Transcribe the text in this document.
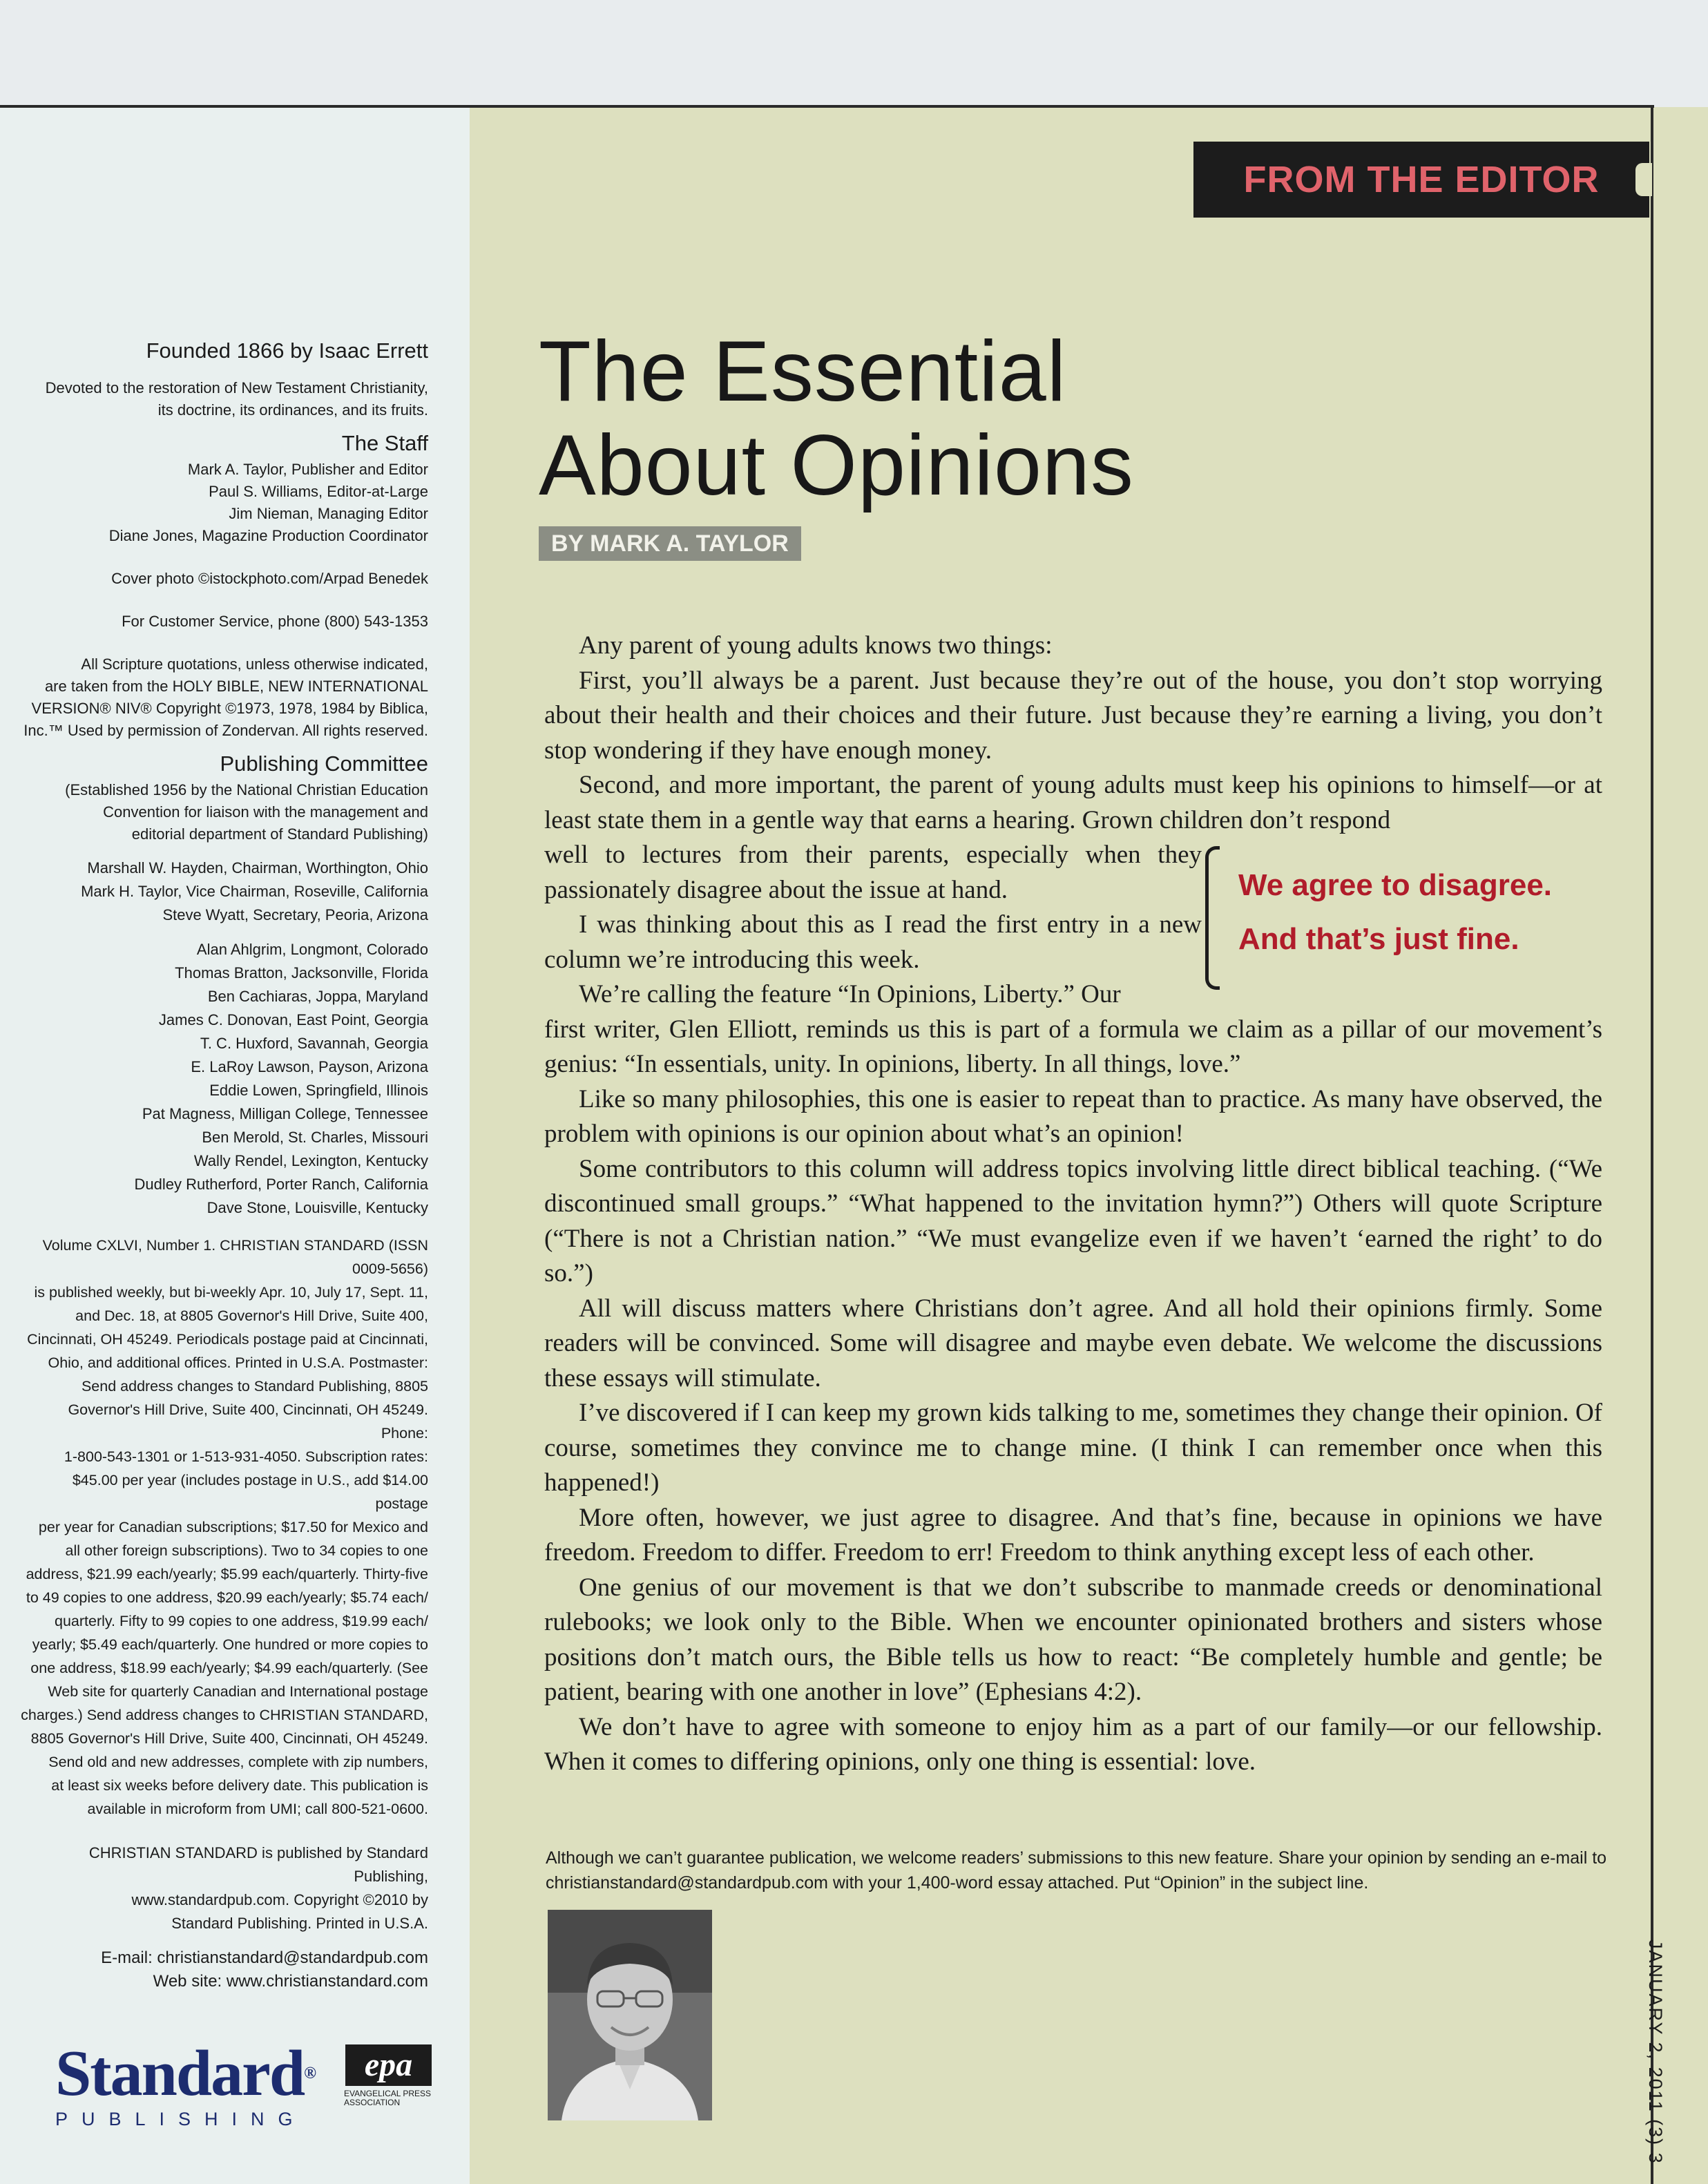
FROM THE EDITOR
Founded 1866 by Isaac Errett

Devoted to the restoration of New Testament Christianity,

its doctrine, its ordinances, and its fruits.

The Staff

Mark A. Taylor, Publisher and Editor

Paul S. Williams, Editor-at-Large

Jim Nieman, Managing Editor

Diane Jones, Magazine Production Coordinator

Cover photo ©istockphoto.com/Arpad Benedek

For Customer Service, phone (800) 543-1353

All Scripture quotations, unless otherwise indicated,

are taken from the HOLY BIBLE, NEW INTERNATIONAL

VERSION® NIV® Copyright ©1973, 1978, 1984 by Biblica,

Inc.™ Used by permission of Zondervan. All rights reserved.

Publishing Committee

(Established 1956 by the National Christian Education

Convention for liaison with the management and

editorial department of Standard Publishing)

Marshall W. Hayden, Chairman, Worthington, Ohio
Mark H. Taylor, Vice Chairman, Roseville, California
Steve Wyatt, Secretary, Peoria, Arizona
Alan Ahlgrim, Longmont, Colorado
Thomas Bratton, Jacksonville, Florida
Ben Cachiaras, Joppa, Maryland
James C. Donovan, East Point, Georgia
T. C. Huxford, Savannah, Georgia
E. LaRoy Lawson, Payson, Arizona
Eddie Lowen, Springfield, Illinois
Pat Magness, Milligan College, Tennessee
Ben Merold, St. Charles, Missouri
Wally Rendel, Lexington, Kentucky
Dudley Rutherford, Porter Ranch, California
Dave Stone, Louisville, Kentucky
Volume CXLVI, Number 1. CHRISTIAN STANDARD (ISSN 0009-5656)
is published weekly, but bi-weekly Apr. 10, July 17, Sept. 11,
and Dec. 18, at 8805 Governor's Hill Drive, Suite 400,
Cincinnati, OH 45249. Periodicals postage paid at Cincinnati,
Ohio, and additional offices. Printed in U.S.A. Postmaster:
Send address changes to Standard Publishing, 8805
Governor's Hill Drive, Suite 400, Cincinnati, OH 45249. Phone:
1-800-543-1301 or 1-513-931-4050. Subscription rates:
$45.00 per year (includes postage in U.S., add $14.00 postage
per year for Canadian subscriptions; $17.50 for Mexico and
all other foreign subscriptions). Two to 34 copies to one
address, $21.99 each/yearly; $5.99 each/quarterly. Thirty-five
to 49 copies to one address, $20.99 each/yearly; $5.74 each/
quarterly. Fifty to 99 copies to one address, $19.99 each/
yearly; $5.49 each/quarterly. One hundred or more copies to
one address, $18.99 each/yearly; $4.99 each/quarterly. (See
Web site for quarterly Canadian and International postage
charges.) Send address changes to CHRISTIAN STANDARD,
8805 Governor's Hill Drive, Suite 400, Cincinnati, OH 45249.
Send old and new addresses, complete with zip numbers,
at least six weeks before delivery date. This publication is
available in microform from UMI; call 800-521-0600.
CHRISTIAN STANDARD is published by Standard Publishing,
www.standardpub.com. Copyright ©2010 by
Standard Publishing. Printed in U.S.A.
E-mail: christianstandard@standardpub.com
Web site: www.christianstandard.com
Standard®
PUBLISHING
epa
EVANGELICAL PRESS ASSOCIATION
The Essential
About Opinions
BY MARK A. TAYLOR

Any parent of young adults knows two things:

First, you’ll always be a parent. Just because they’re out of the house, you don’t stop worrying about their health and their choices and their future. Just because they’re earning a living, you don’t stop wondering if they have enough money.

Second, and more important, the parent of young adults must keep his opinions to himself—or at least state them in a gentle way that earns a hearing. Grown children don’t respond

well to lectures from their parents, especially when they passionately disagree about the issue at hand.

I was thinking about this as I read the first entry in a new column we’re introducing this week.

We’re calling the feature “In Opinions, Liberty.” Our

first writer, Glen Elliott, reminds us this is part of a formula we claim as a pillar of our movement’s genius: “In essentials, unity. In opinions, liberty. In all things, love.”

Like so many philosophies, this one is easier to repeat than to practice. As many have observed, the problem with opinions is our opinion about what’s an opinion!

Some contributors to this column will address topics involving little direct biblical teaching. (“We discontinued small groups.” “What happened to the invitation hymn?”) Others will quote Scripture (“There is not a Christian nation.” “We must evangelize even if we haven’t ‘earned the right’ to do so.”)

All will discuss matters where Christians don’t agree. And all hold their opinions firmly. Some readers will be convinced. Some will disagree and maybe even debate. We welcome the discussions these essays will stimulate.

I’ve discovered if I can keep my grown kids talking to me, sometimes they change their opinion. Of course, sometimes they convince me to change mine. (I think I can remember once when this happened!)

More often, however, we just agree to disagree. And that’s fine, because in opinions we have freedom. Freedom to differ. Freedom to err! Freedom to think anything except less of each other.

One genius of our movement is that we don’t subscribe to manmade creeds or denominational rulebooks; we look only to the Bible. When we encounter opinionated brothers and sisters whose positions don’t match ours, the Bible tells us how to react: “Be completely humble and gentle; be patient, bearing with one another in love” (Ephesians 4:2).

We don’t have to agree with someone to enjoy him as a part of our family—or our fellowship. When it comes to differing opinions, only one thing is essential: love.

We agree to disagree.
And that’s just fine.
Although we can’t guarantee publication, we welcome readers’ submissions to this new feature. Share your opinion by sending an e-mail to christianstandard@standardpub.com with your 1,400-word essay attached. Put “Opinion” in the subject line.
JANUARY 2, 2011 (3) 3
